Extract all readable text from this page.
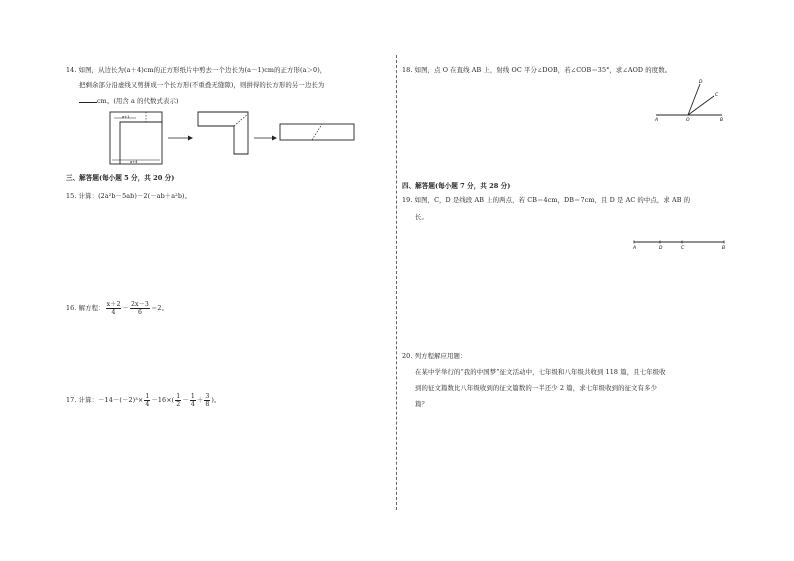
14. 如图，从边长为(a＋4)cm的正方形纸片中剪去一个边长为(a－1)cm的正方形(a＞0)，
把剩余部分沿虚线又剪拼成一个长方形(不重叠无缝隙)，则拼得的长方形的另一边长为
cm。(用含 a 的代数式表示)
a+1
a+4
三、解答题(每小题 5 分，共 20 分)
15. 计算：(2a²b－5ab)－2(－ab＋a²b)。
16. 解方程： $\frac{x+2}{4} - \frac{2x-3}{6} =2$。
17. 计算：$-14-(-2)^3\times \frac{1}{4} -16\times( \frac{1}{2} - \frac{1}{4} + \frac{3}{8}$ )。
18. 如图，点 O 在直线 AB 上，射线 OC 平分∠DOB，若∠COB＝35°，求∠AOD 的度数。
A	O	B
C
D
四、解答题(每小题 7 分，共 28 分)
19. 如图，C，D 是线段 AB 上的两点，若 CB＝4cm，DB＝7cm，且 D 是 AC 的中点，求 AB 的
长。
A	D	C	B
20. 列方程解应用题：
在某中学举行的“我的中国梦”征文活动中，七年级和八年级共收到 118 篇，且七年级收
到的征文篇数比八年级收到的征文篇数的一半还少 2 篇，求七年级收到的征文有多少
篇？
